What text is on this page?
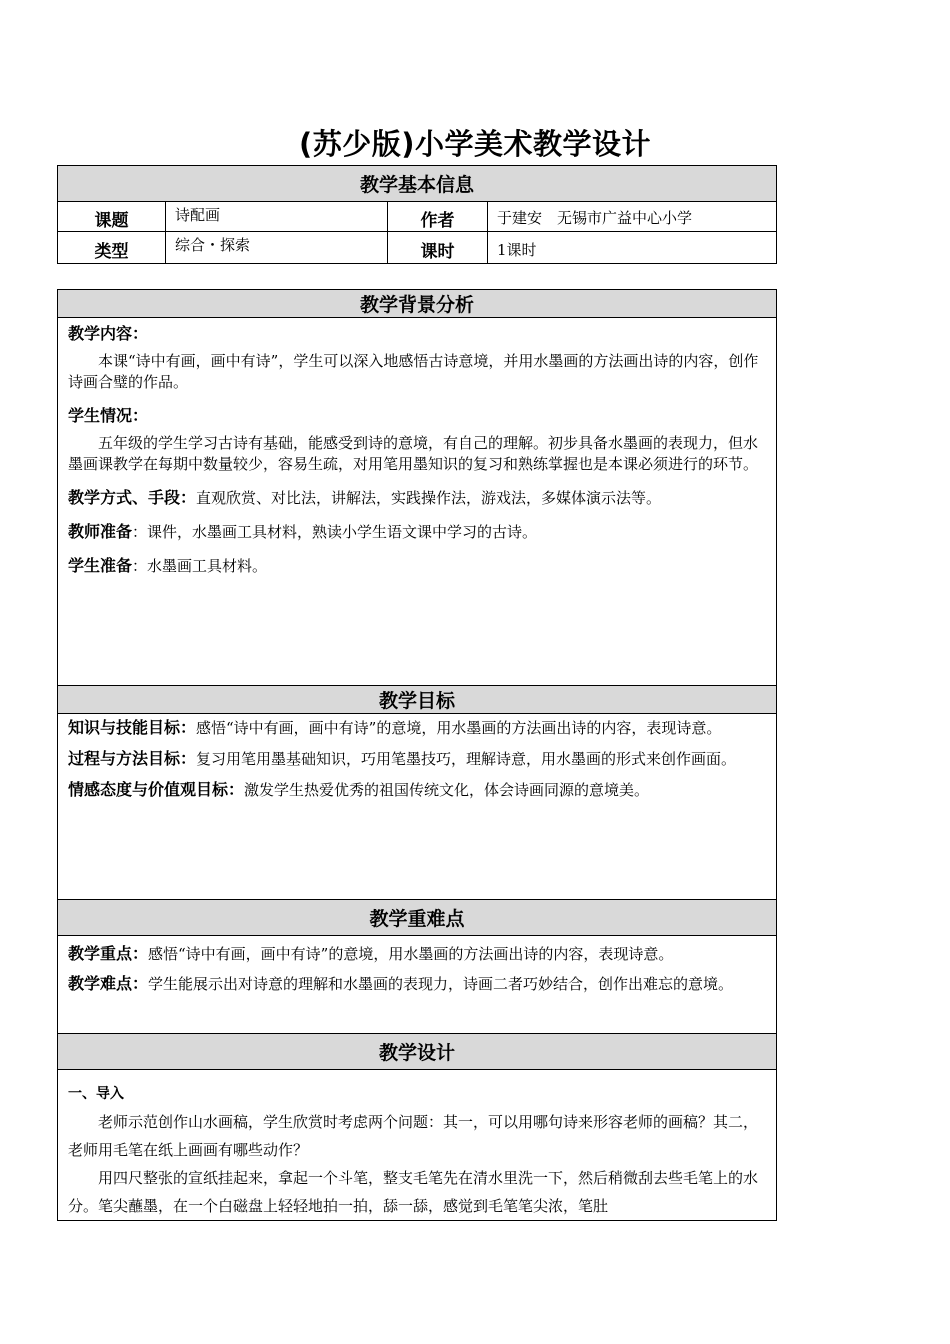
(苏少版)小学美术教学设计
教学基本信息			
课题	诗配画	作者	于建安　无锡市广益中心小学
类型	综合・探索	课时	1课时
教学背景分析

教学内容：

本课“诗中有画，画中有诗”，学生可以深入地感悟古诗意境，并用水墨画的方法画出诗的内容，创作诗画合璧的作品。

学生情况：

五年级的学生学习古诗有基础，能感受到诗的意境，有自己的理解。初步具备水墨画的表现力，但水墨画课教学在每期中数量较少，容易生疏，对用笔用墨知识的复习和熟练掌握也是本课必须进行的环节。

教学方式、手段：直观欣赏、对比法，讲解法，实践操作法，游戏法，多媒体演示法等。

教师准备：课件，水墨画工具材料，熟读小学生语文课中学习的古诗。

学生准备：水墨画工具材料。

教学目标

知识与技能目标：感悟“诗中有画，画中有诗”的意境，用水墨画的方法画出诗的内容，表现诗意。

过程与方法目标：复习用笔用墨基础知识，巧用笔墨技巧，理解诗意，用水墨画的形式来创作画面。

情感态度与价值观目标：激发学生热爱优秀的祖国传统文化，体会诗画同源的意境美。

教学重难点

教学重点：感悟“诗中有画，画中有诗”的意境，用水墨画的方法画出诗的内容，表现诗意。

教学难点：学生能展示出对诗意的理解和水墨画的表现力，诗画二者巧妙结合，创作出难忘的意境。

教学设计

一、导入

老师示范创作山水画稿，学生欣赏时考虑两个问题：其一，可以用哪句诗来形容老师的画稿？其二，老师用毛笔在纸上画画有哪些动作？

用四尺整张的宣纸挂起来，拿起一个斗笔，整支毛笔先在清水里洗一下，然后稍微刮去些毛笔上的水分。笔尖蘸墨，在一个白磁盘上轻轻地拍一拍，舔一舔，感觉到毛笔笔尖浓，笔肚
